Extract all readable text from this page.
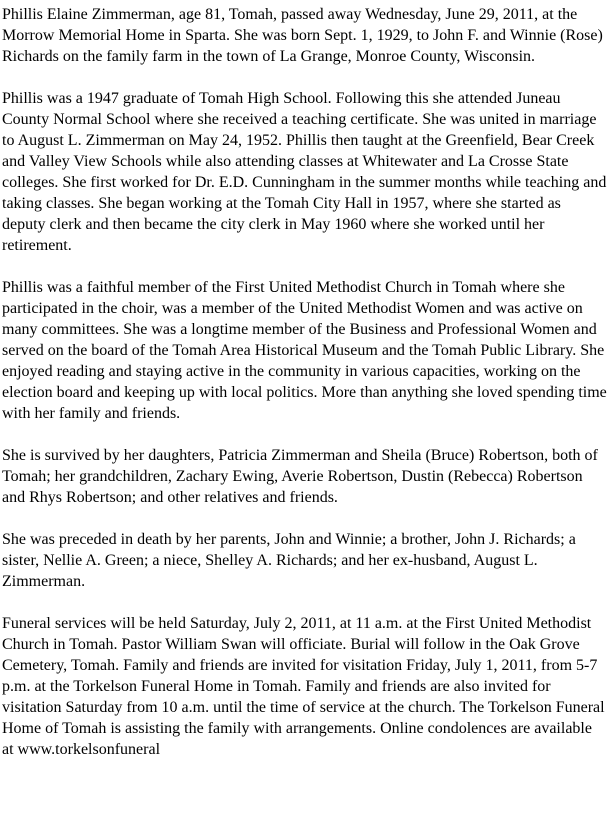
Phillis Elaine Zimmerman, age 81, Tomah, passed away Wednesday, June 29, 2011, at the Morrow Memorial Home in Sparta. She was born Sept. 1, 1929, to John F. and Winnie (Rose) Richards on the family farm in the town of La Grange, Monroe County, Wisconsin.

Phillis was a 1947 graduate of Tomah High School. Following this she attended Juneau County Normal School where she received a teaching certificate. She was united in marriage to August L. Zimmerman on May 24, 1952. Phillis then taught at the Greenfield, Bear Creek and Valley View Schools while also attending classes at Whitewater and La Crosse State colleges. She first worked for Dr. E.D. Cunningham in the summer months while teaching and taking classes. She began working at the Tomah City Hall in 1957, where she started as deputy clerk and then became the city clerk in May 1960 where she worked until her retirement.

Phillis was a faithful member of the First United Methodist Church in Tomah where she participated in the choir, was a member of the United Methodist Women and was active on many committees. She was a longtime member of the Business and Professional Women and served on the board of the Tomah Area Historical Museum and the Tomah Public Library. She enjoyed reading and staying active in the community in various capacities, working on the election board and keeping up with local politics. More than anything she loved spending time with her family and friends.

She is survived by her daughters, Patricia Zimmerman and Sheila (Bruce) Robertson, both of Tomah; her grandchildren, Zachary Ewing, Averie Robertson, Dustin (Rebecca) Robertson and Rhys Robertson; and other relatives and friends.

She was preceded in death by her parents, John and Winnie; a brother, John J. Richards; a sister, Nellie A. Green; a niece, Shelley A. Richards; and her ex-husband, August L. Zimmerman.

Funeral services will be held Saturday, July 2, 2011, at 11 a.m. at the First United Methodist Church in Tomah. Pastor William Swan will officiate. Burial will follow in the Oak Grove Cemetery, Tomah. Family and friends are invited for visitation Friday, July 1, 2011, from 5-7 p.m. at the Torkelson Funeral Home in Tomah. Family and friends are also invited for visitation Saturday from 10 a.m. until the time of service at the church. The Torkelson Funeral Home of Tomah is assisting the family with arrangements. Online condolences are available at www.torkelsonfuneral
